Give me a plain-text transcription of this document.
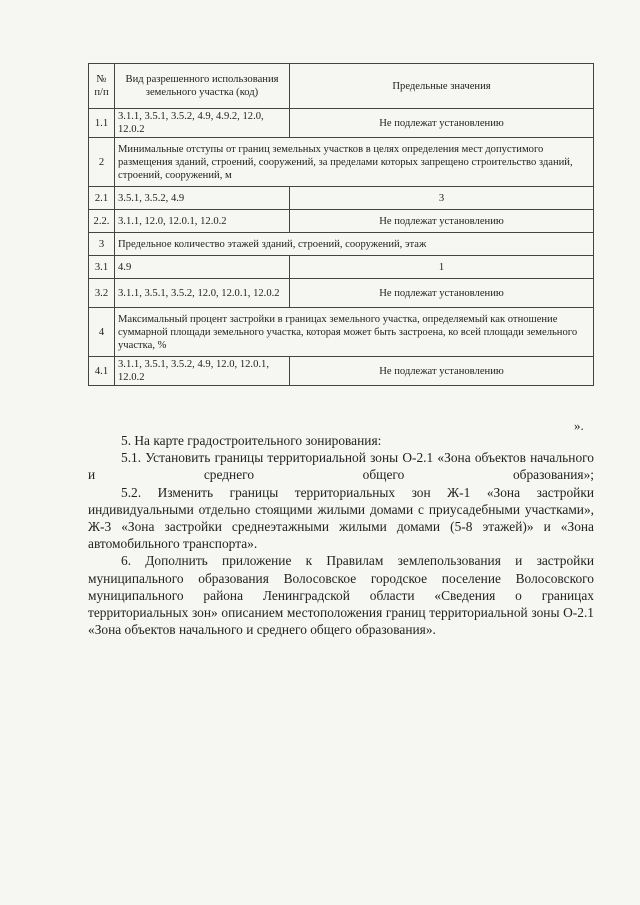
№ п/п	Вид разрешенного использования земельного участка (код)	Предельные значения
1.1	3.1.1, 3.5.1, 3.5.2, 4.9, 4.9.2, 12.0, 12.0.2	Не подлежат установлению
2	Минимальные отступы от границ земельных участков в целях определения мест допустимого размещения зданий, строений, сооружений, за пределами которых запрещено строительство зданий, строений, сооружений, м	
2.1	3.5.1, 3.5.2, 4.9	3
2.2.	3.1.1, 12.0, 12.0.1, 12.0.2	Не подлежат установлению
3	Предельное количество этажей зданий, строений, сооружений, этаж	
3.1	4.9	1
3.2	3.1.1, 3.5.1, 3.5.2, 12.0, 12.0.1, 12.0.2	Не подлежат установлению
4	Максимальный процент застройки в границах земельного участка, определяемый как отношение суммарной площади земельного участка, которая может быть застроена, ко всей площади земельного участка, %	
4.1	3.1.1, 3.5.1, 3.5.2, 4.9, 12.0, 12.0.1, 12.0.2	Не подлежат установлению
».

5. На карте градостроительного зонирования:

5.1. Установить границы территориальной зоны О-2.1 «Зона объектов начального и среднего общего образования»;

5.2. Изменить границы территориальных зон Ж-1 «Зона застройки индивидуальными отдельно стоящими жилыми домами с приусадебными участками», Ж-3 «Зона застройки среднеэтажными жилыми домами (5-8 этажей)» и «Зона автомобильного транспорта».

6. Дополнить приложение к Правилам землепользования и застройки муниципального образования Волосовское городское поселение Волосовского муниципального района Ленинградской области «Сведения о границах территориальных зон» описанием местоположения границ территориальной зоны О-2.1 «Зона объектов начального и среднего общего образования».
